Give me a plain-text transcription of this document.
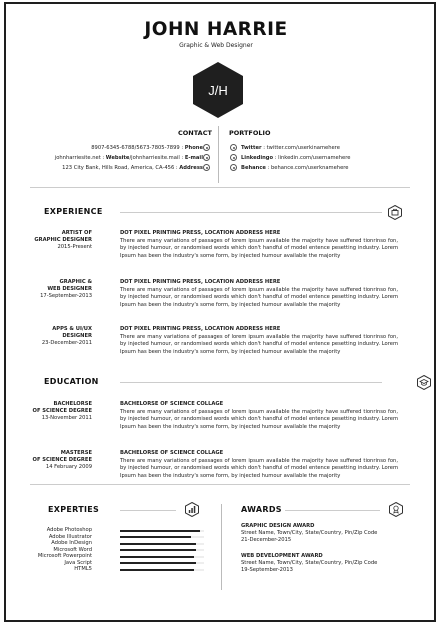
JOHN HARRIE
Graphic & Web Designer
J/H
CONTACT	PORTFOLIO
8907-6345-6788/5673-7805-7899 : Phone
johnharriesite.net : Website/johnharriesite.mail : E-mail
123 City Bank, Hills Road, America, CA-456 : Address
Twitter : twitter.com/userkinamehere
Linkedingo : linkedin.com/usernamehere
Behance : behance.com/userknamehere
EXPERIENCE
ARTIST OF
GRAPHIC DESIGNER
2015-Present
DOT PIXEL PRINTING PRESS, LOCATION ADDRESS HERE
There are many variations of passages of lorem ipsum available the majority have suffered tionrinso fon, by injected humour, or randomised words which don't handful of model entence pesetting industry. Lorem Ipsum has been the industry's some form, by injected humour available the majority
GRAPHIC &
WEB DESIGNER
17-September-2013
DOT PIXEL PRINTING PRESS, LOCATION ADDRESS HERE
There are many variations of passages of lorem ipsum available the majority have suffered tionrinso fon, by injected humour, or randomised words which don't handful of model entence pesetting industry. Lorem Ipsum has been the industry's some form, by injected humour available the majority
APPS & UI/UX
DESIGNER
23-December-2011
DOT PIXEL PRINTING PRESS, LOCATION ADDRESS HERE
There are many variations of passages of lorem ipsum available the majority have suffered tionrinso fon, by injected humour, or randomised words which don't handful of model entence pesetting industry. Lorem Ipsum has been the industry's some form, by injected humour available the majority
EDUCATION
BACHELORSE
OF SCIENCE DEGREE
13-November 2011
BACHELORSE OF SCIENCE COLLAGE
There are many variations of passages of lorem ipsum available the majority have suffered tionrinso fon, by injected humour, or randomised words which don't handful of model entence pesetting industry. Lorem Ipsum has been the industry's some form, by injected humour available the majority
MASTERSE
OF SCIENCE DEGREE
14 February 2009
BACHELORSE OF SCIENCE COLLAGE
There are many variations of passages of lorem ipsum available the majority have suffered tionrinso fon, by injected humour, or randomised words which don't handful of model entence pesetting industry. Lorem Ipsum has been the industry's some form, by injected humour available the majority
EXPERTIES
Adobe Photoshop
Adobe Illustrator
Adobe InDesign
Microsoft Word
Microsoft Powerpoint
Java Script
HTML5
AWARDS
GRAPHIC DESIGN AWARD
Street Name, Town/City, State/Country, Pin/Zip Code
21-December-2015
WEB DEVELOPMENT AWARD
Street Name, Town/City, State/Country, Pin/Zip Code
19-September-2013
